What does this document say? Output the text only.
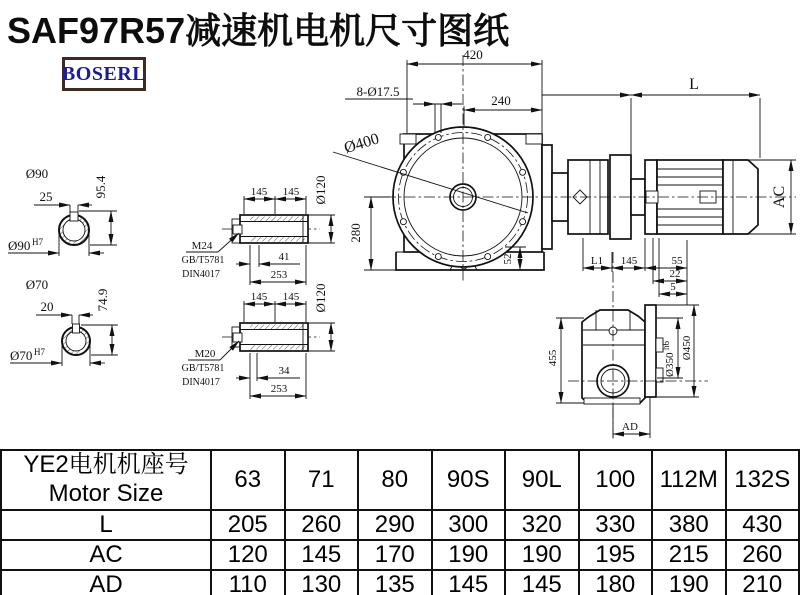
SAF97R57减速机电机尺寸图纸
BOSERL
Ø90
25	95.4
Ø90 H7
Ø70
20	74.9
Ø70 H7
145 145 Ø120
M24
GB/T5781
DIN4017
41
253
145 145 Ø120
M20
GB/T5781
DIN4017
34
253
Ø400
420
240
8-Ø17.5	L
AC
280
52	L1 145	55
22
5
455	Ø350
h6 Ø450
AD
YE2电机机座号
Motor Size	63	71	80	90S	90L	100	112M	132S
L	205	260	290	300	320	330	380	430
AC	120	145	170	190	190	195	215	260
AD	110	130	135	145	145	180	190	210
